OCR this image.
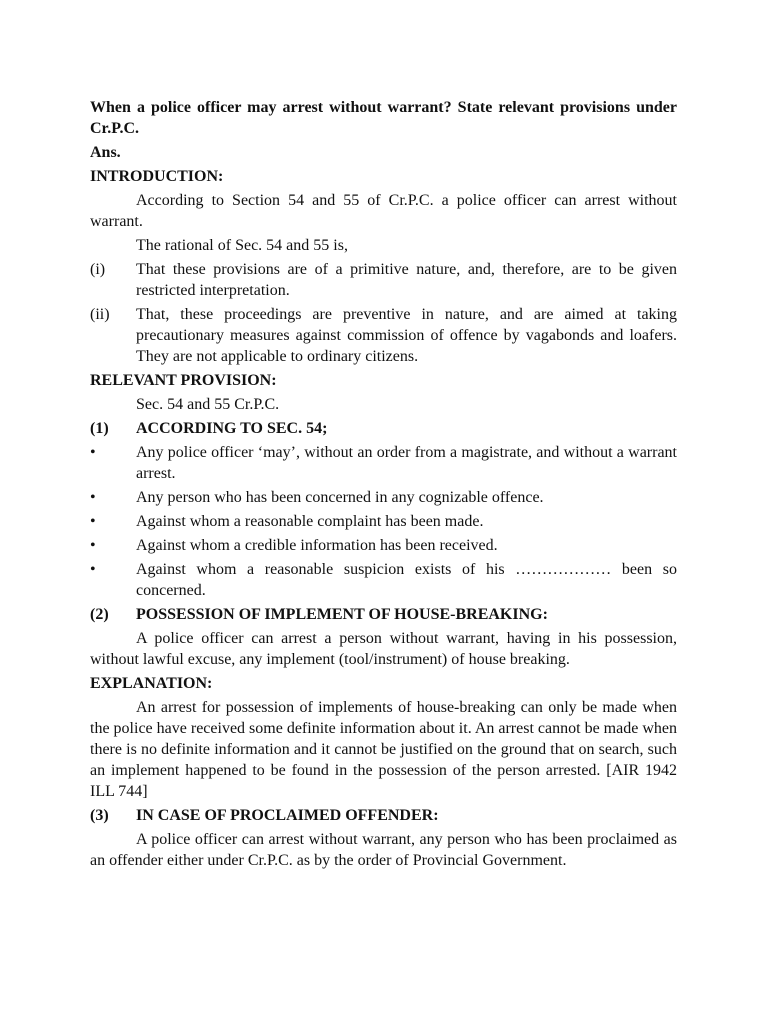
When a police officer may arrest without warrant? State relevant provisions under Cr.P.C.
Ans.
INTRODUCTION:
According to Section 54 and 55 of Cr.P.C. a police officer can arrest without warrant.
The rational of Sec. 54 and 55 is,
(i)	That these provisions are of a primitive nature, and, therefore, are to be given restricted interpretation.
(ii)	That, these proceedings are preventive in nature, and are aimed at taking precautionary measures against commission of offence by vagabonds and loafers. They are not applicable to ordinary citizens.
RELEVANT PROVISION:
Sec. 54 and 55 Cr.P.C.
(1)	ACCORDING TO SEC. 54;
•	Any police officer ‘may’, without an order from a magistrate, and without a warrant arrest.
•	Any person who has been concerned in any cognizable offence.
•	Against whom a reasonable complaint has been made.
•	Against whom a credible information has been received.
•	Against whom a reasonable suspicion exists of his ……………… been so concerned.
(2)	POSSESSION OF IMPLEMENT OF HOUSE-BREAKING:
A police officer can arrest a person without warrant, having in his possession, without lawful excuse, any implement (tool/instrument) of house breaking.
EXPLANATION:
An arrest for possession of implements of house-breaking can only be made when the police have received some definite information about it. An arrest cannot be made when there is no definite information and it cannot be justified on the ground that on search, such an implement happened to be found in the possession of the person arrested. [AIR 1942 ILL 744]
(3)	IN CASE OF PROCLAIMED OFFENDER:
A police officer can arrest without warrant, any person who has been proclaimed as an offender either under Cr.P.C. as by the order of Provincial Government.
